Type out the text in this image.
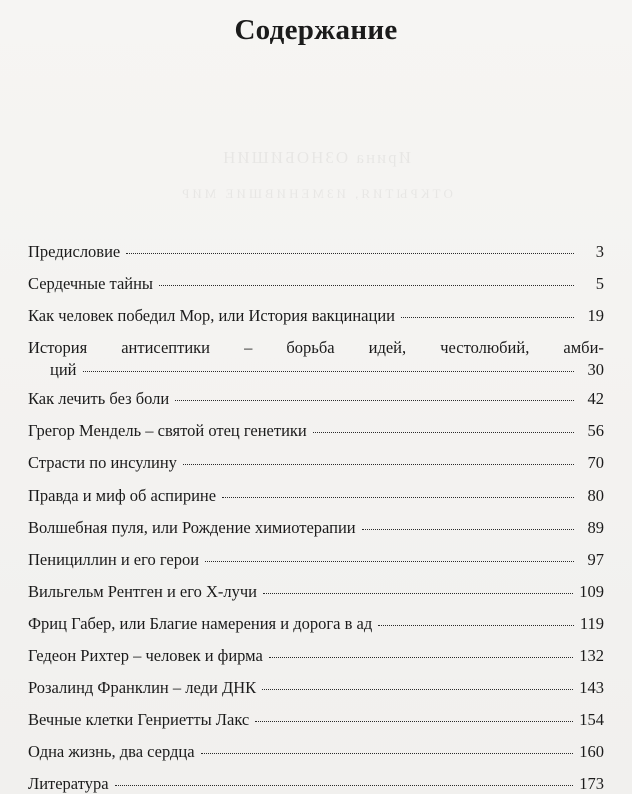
Ирина ОЗНОБИШИН
ОТКРЫТИЯ, ИЗМЕНИВШИЕ МИР
Содержание
Предисловие	3
Сердечные тайны	5
Как человек победил Мор, или История вакцинации	19
История антисептики – борьба идей, честолюбий, амби-
ций	30
Как лечить без боли	42
Грегор Мендель – святой отец генетики	56
Страсти по инсулину	70
Правда и миф об аспирине	80
Волшебная пуля, или Рождение химиотерапии	89
Пенициллин и его герои	97
Вильгельм Рентген и его Х-лучи	109
Фриц Габер, или Благие намерения и дорога в ад	119
Гедеон Рихтер – человек и фирма	132
Розалинд Франклин – леди ДНК	143
Вечные клетки Генриетты Лакс	154
Одна жизнь, два сердца	160
Литература	173
